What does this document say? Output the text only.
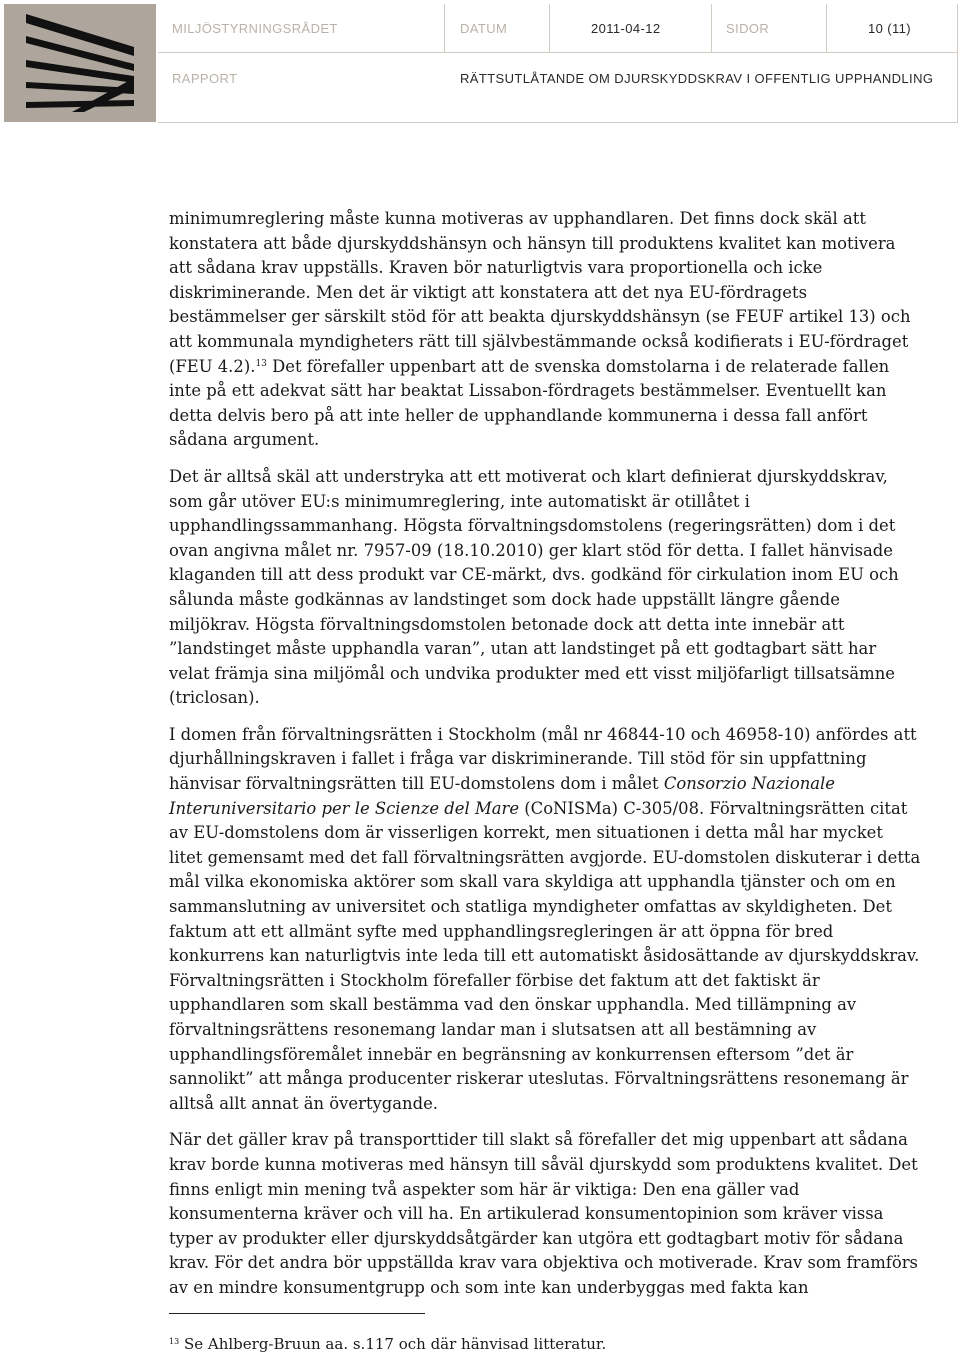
MILJÖSTYRNINGSRÅDET	DATUM	2011-04-12	SIDOR	10 (11)
RAPPORT	RÄTTSUTLÅTANDE OM DJURSKYDDSKRAV I OFFENTLIG UPPHANDLING

minimumreglering måste kunna motiveras av upphandlaren. Det finns dock skäl att konstatera att både djurskyddshänsyn och hänsyn till produktens kvalitet kan motivera att sådana krav uppställs. Kraven bör naturligtvis vara proportionella och icke diskriminerande. Men det är viktigt att konstatera att det nya EU-fördragets bestämmelser ger särskilt stöd för att beakta djurskyddshänsyn (se FEUF artikel 13) och att kommunala myndigheters rätt till självbestämmande också kodifierats i EU-fördraget (FEU 4.2).$^{13}$ Det förefaller uppenbart att de svenska domstolarna i de relaterade fallen inte på ett adekvat sätt har beaktat Lissabon-fördragets bestämmelser. Eventuellt kan detta delvis bero på att inte heller de upphandlande kommunerna i dessa fall anfört sådana argument.

Det är alltså skäl att understryka att ett motiverat och klart definierat djurskyddskrav, som går utöver EU:s minimumreglering, inte automatiskt är otillåtet i upphandlingssammanhang. Högsta förvaltningsdomstolens (regeringsrätten) dom i det ovan angivna målet nr. 7957-09 (18.10.2010) ger klart stöd för detta. I fallet hänvisade klaganden till att dess produkt var CE-märkt, dvs. godkänd för cirkulation inom EU och sålunda måste godkännas av landstinget som dock hade uppställt längre gående miljökrav. Högsta förvaltningsdomstolen betonade dock att detta inte innebär att ”landstinget måste upphandla varan”, utan att landstinget på ett godtagbart sätt har velat främja sina miljömål och undvika produkter med ett visst miljöfarligt tillsatsämne (triclosan).

I domen från förvaltningsrätten i Stockholm (mål nr 46844-10 och 46958-10) anfördes att djurhållningskraven i fallet i fråga var diskriminerande. Till stöd för sin uppfattning hänvisar förvaltningsrätten till EU-domstolens dom i målet Consorzio Nazionale Interuniversitario per le Scienze del Mare (CoNISMa) C-305/08. Förvaltningsrätten citat av EU-domstolens dom är visserligen korrekt, men situationen i detta mål har mycket litet gemensamt med det fall förvaltningsrätten avgjorde. EU-domstolen diskuterar i detta mål vilka ekonomiska aktörer som skall vara skyldiga att upphandla tjänster och om en sammanslutning av universitet och statliga myndigheter omfattas av skyldigheten. Det faktum att ett allmänt syfte med upphandlingsregleringen är att öppna för bred konkurrens kan naturligtvis inte leda till ett automatiskt åsidosättande av djurskyddskrav. Förvaltningsrätten i Stockholm förefaller förbise det faktum att det faktiskt är upphandlaren som skall bestämma vad den önskar upphandla. Med tillämpning av förvaltningsrättens resonemang landar man i slutsatsen att all bestämning av upphandlingsföremålet innebär en begränsning av konkurrensen eftersom ”det är sannolikt” att många producenter riskerar uteslutas. Förvaltningsrättens resonemang är alltså allt annat än övertygande.

När det gäller krav på transporttider till slakt så förefaller det mig uppenbart att sådana krav borde kunna motiveras med hänsyn till såväl djurskydd som produktens kvalitet. Det finns enligt min mening två aspekter som här är viktiga: Den ena gäller vad konsumenterna kräver och vill ha. En artikulerad konsumentopinion som kräver vissa typer av produkter eller djurskyddsåtgärder kan utgöra ett godtagbart motiv för sådana krav. För det andra bör uppställda krav vara objektiva och motiverade. Krav som framförs av en mindre konsumentgrupp och som inte kan underbyggas med fakta kan

$^{13}$ Se Ahlberg-Bruun aa. s.117 och där hänvisad litteratur.
